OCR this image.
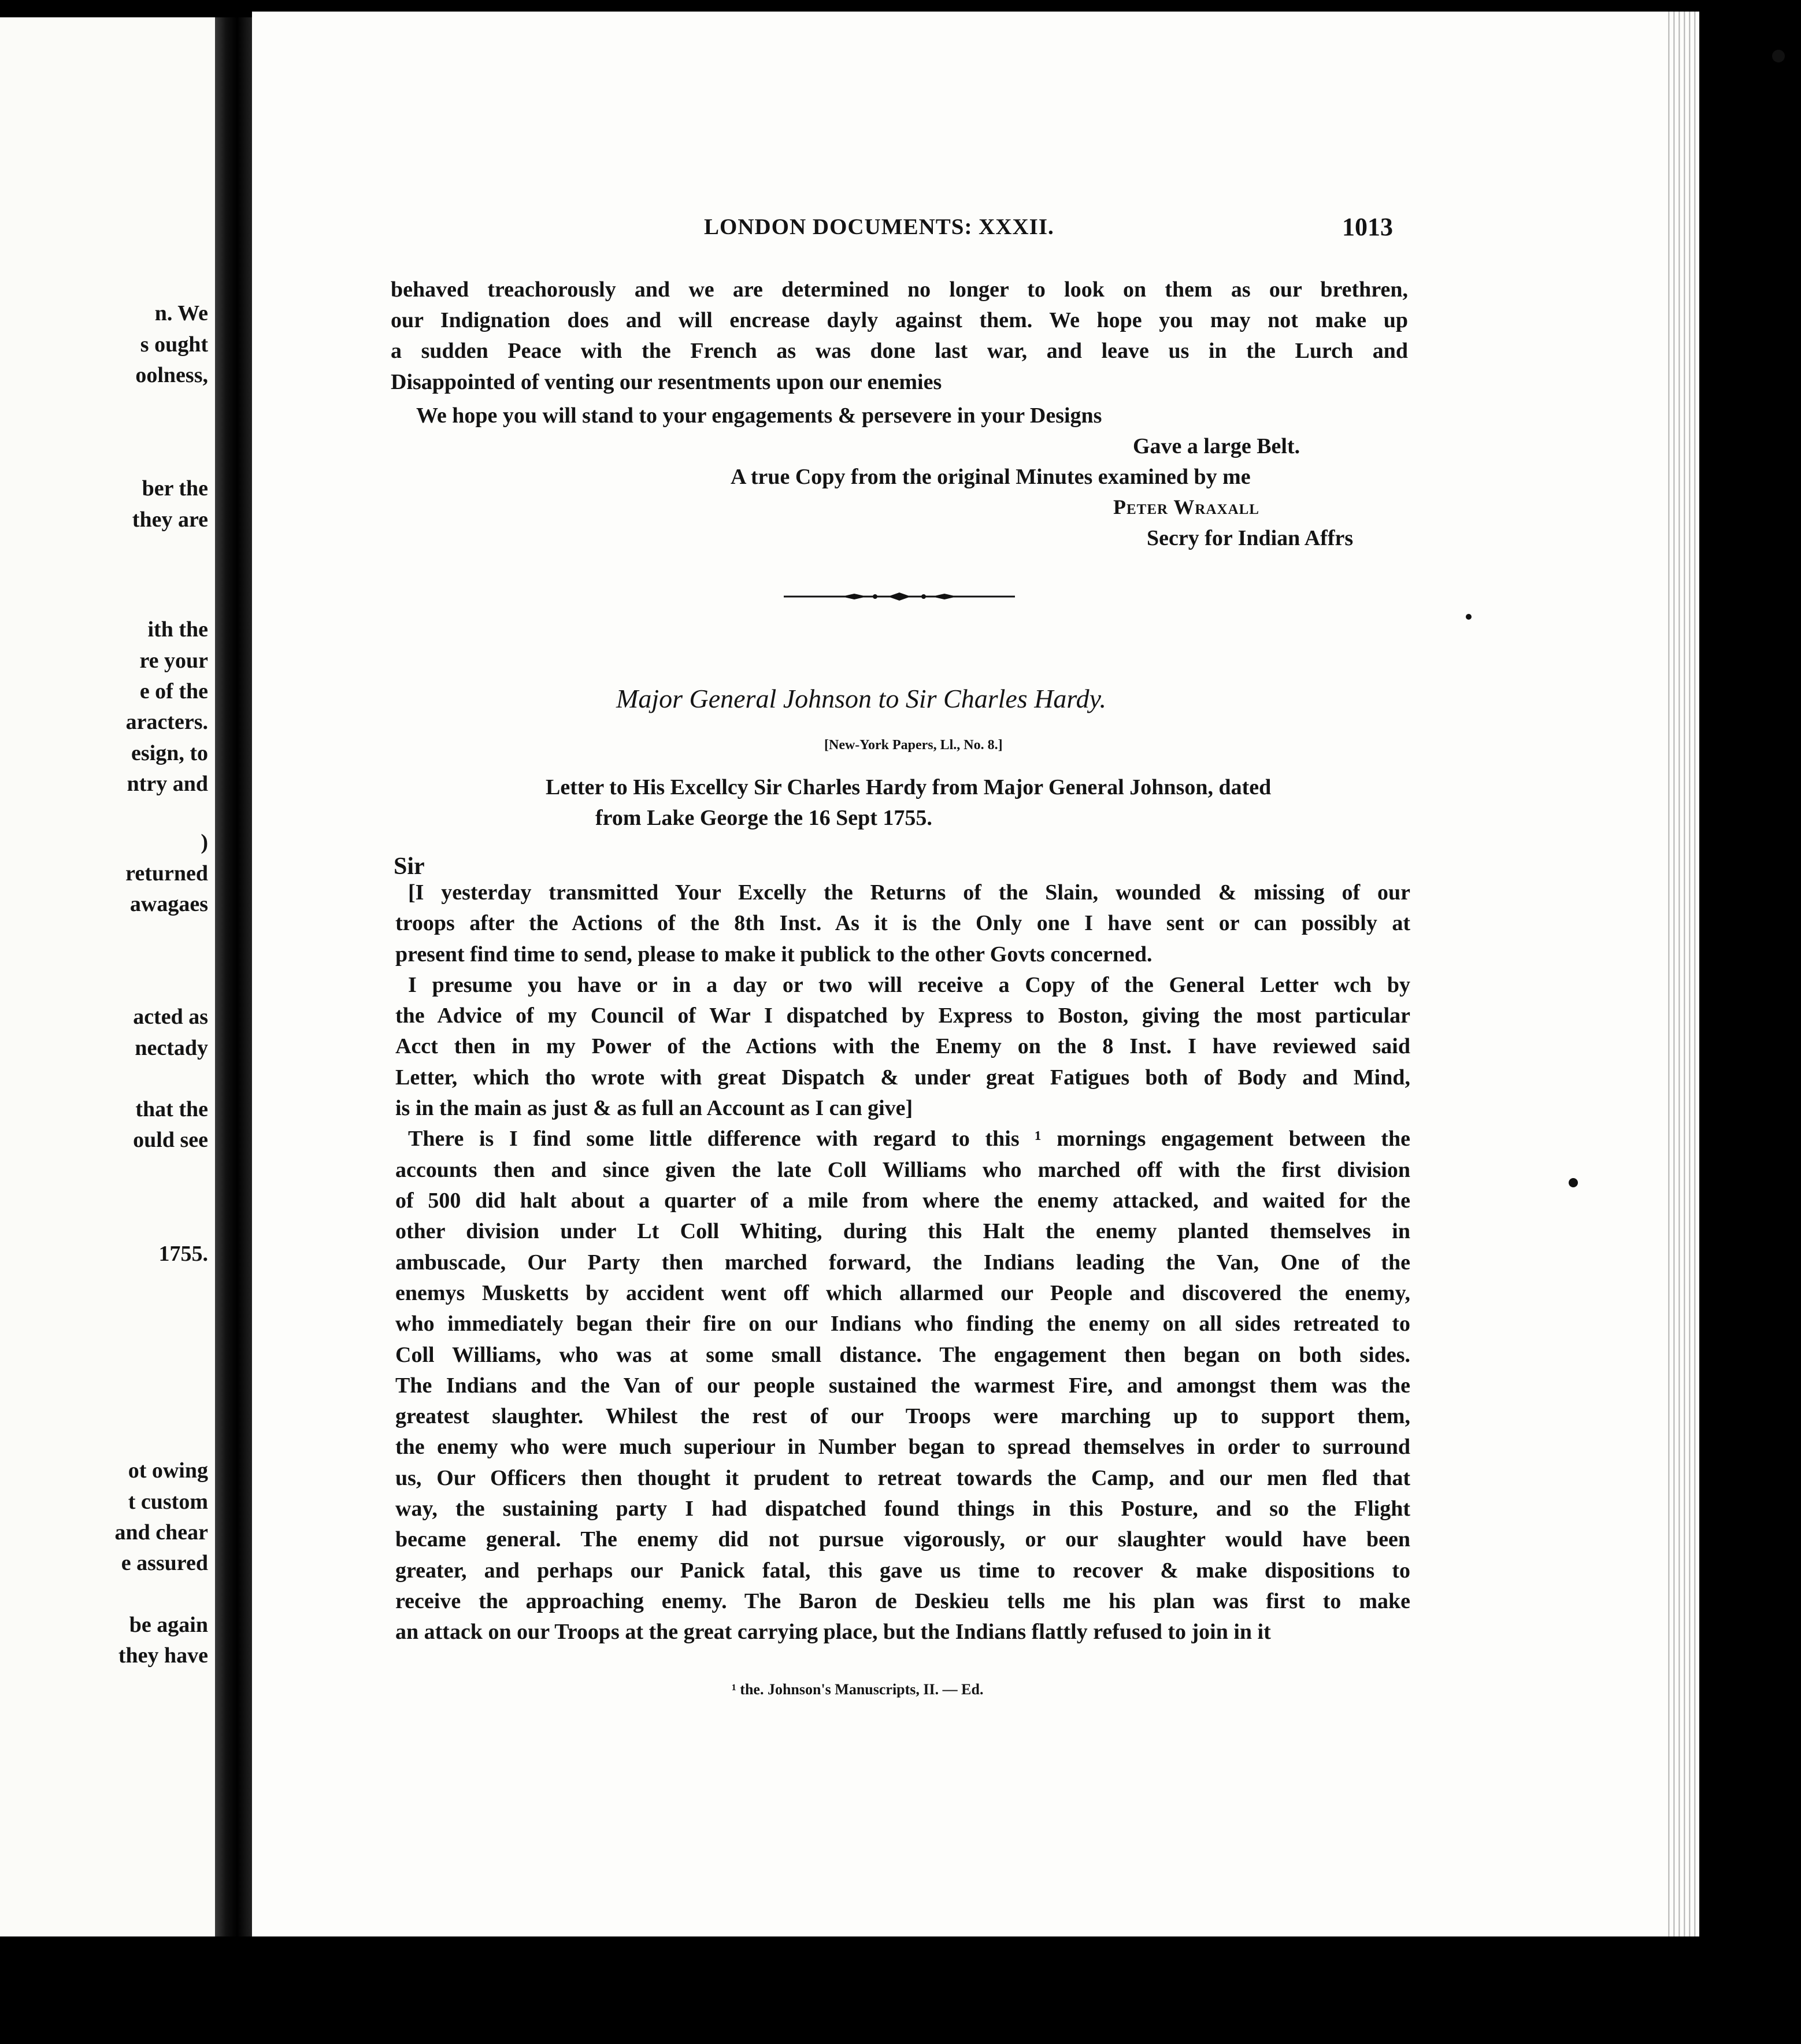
n. We
s ought
oolness,
ber the
they are
ith the
re your
e of the
aracters.
esign, to
ntry and
)
returned
awagaes
acted as
nectady
that the
ould see
1755.
ot owing
t custom
and chear
e assured
be again
they have
LONDON DOCUMENTS: XXXII.	1013
behaved treachorously and we are determined no longer to look on them as our brethren,
our Indignation does and will encrease dayly against them. We hope you may not make up
a sudden Peace with the French as was done last war, and leave us in the Lurch and
Disappointed of venting our resentments upon our enemies
We hope you will stand to your engagements & persevere in your Designs
Gave a large Belt.
A true Copy from the original Minutes examined by me
Peter Wraxall
Secry for Indian Affrs
Major General Johnson to Sir Charles Hardy.
[New-York Papers, Ll., No. 8.]
Letter to His Excellcy Sir Charles Hardy from Major General Johnson, dated
from Lake George the 16 Sept 1755.
Sir
[I yesterday transmitted Your Excelly the Returns of the Slain, wounded & missing of our
troops after the Actions of the 8th Inst. As it is the Only one I have sent or can possibly at
present find time to send, please to make it publick to the other Govts concerned.
I presume you have or in a day or two will receive a Copy of the General Letter wch by
the Advice of my Council of War I dispatched by Express to Boston, giving the most particular
Acct then in my Power of the Actions with the Enemy on the 8 Inst. I have reviewed said
Letter, which tho wrote with great Dispatch & under great Fatigues both of Body and Mind,
is in the main as just & as full an Account as I can give]
There is I find some little difference with regard to this ¹ mornings engagement between the
accounts then and since given the late Coll Williams who marched off with the first division
of 500 did halt about a quarter of a mile from where the enemy attacked, and waited for the
other division under Lt Coll Whiting, during this Halt the enemy planted themselves in
ambuscade, Our Party then marched forward, the Indians leading the Van, One of the
enemys Musketts by accident went off which allarmed our People and discovered the enemy,
who immediately began their fire on our Indians who finding the enemy on all sides retreated to
Coll Williams, who was at some small distance. The engagement then began on both sides.
The Indians and the Van of our people sustained the warmest Fire, and amongst them was the
greatest slaughter. Whilest the rest of our Troops were marching up to support them,
the enemy who were much superiour in Number began to spread themselves in order to surround
us, Our Officers then thought it prudent to retreat towards the Camp, and our men fled that
way, the sustaining party I had dispatched found things in this Posture, and so the Flight
became general. The enemy did not pursue vigorously, or our slaughter would have been
greater, and perhaps our Panick fatal, this gave us time to recover & make dispositions to
receive the approaching enemy. The Baron de Deskieu tells me his plan was first to make
an attack on our Troops at the great carrying place, but the Indians flattly refused to join in it
¹ the. Johnson's Manuscripts, II. — Ed.
